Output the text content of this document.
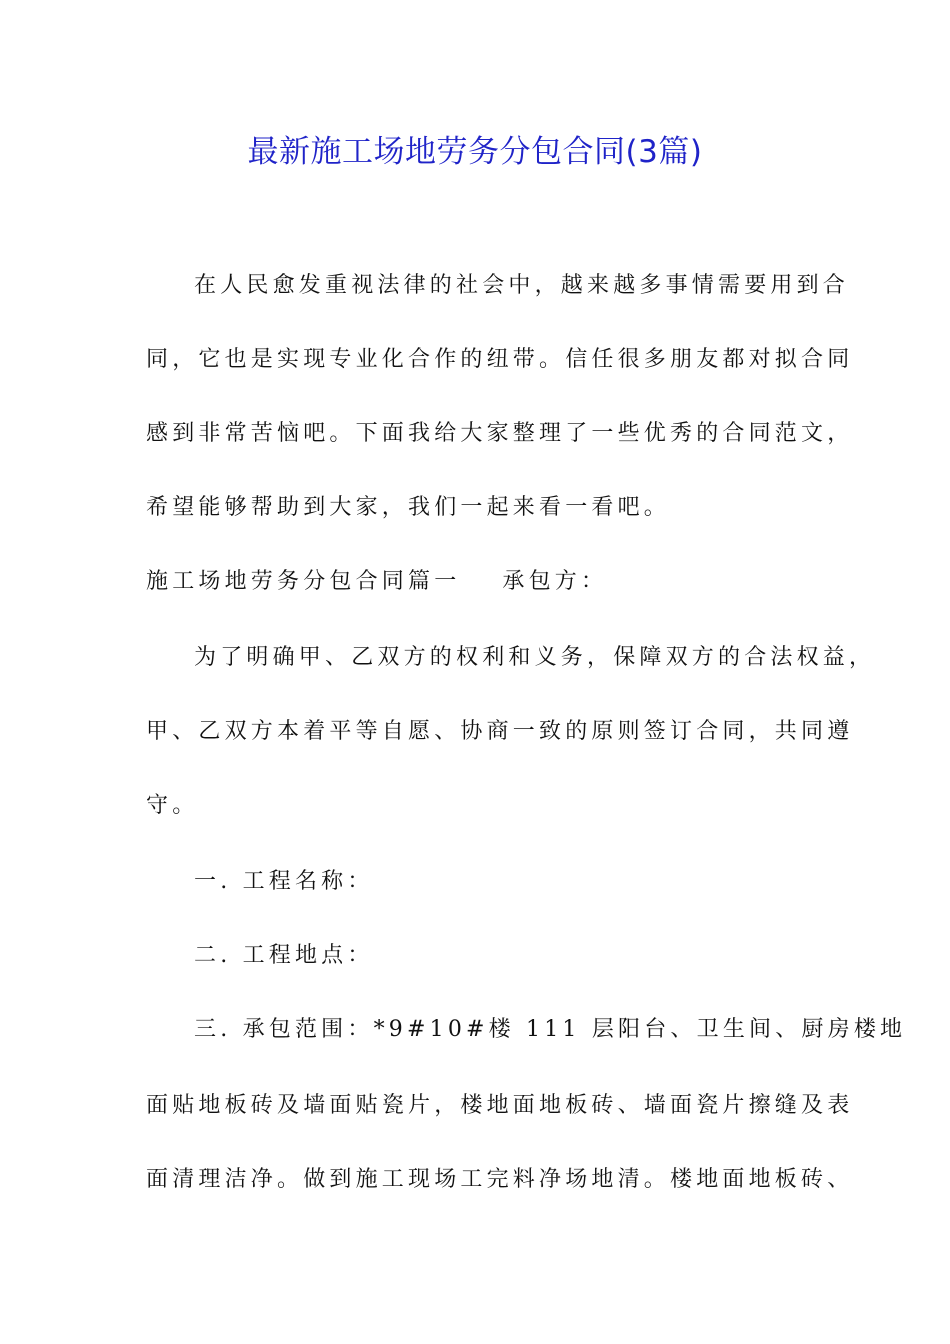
最新施工场地劳务分包合同(3篇)
在人民愈发重视法律的社会中，越来越多事情需要用到合
同，它也是实现专业化合作的纽带。信任很多朋友都对拟合同
感到非常苦恼吧。下面我给大家整理了一些优秀的合同范文，
希望能够帮助到大家，我们一起来看一看吧。
施工场地劳务分包合同篇一 承包方：
为了明确甲、乙双方的权利和义务，保障双方的合法权益，
甲、乙双方本着平等自愿、协商一致的原则签订合同，共同遵
守。
一. 工程名称：
二. 工程地点：
三. 承包范围：*9#10#楼 111 层阳台、卫生间、厨房楼地
面贴地板砖及墙面贴瓷片，楼地面地板砖、墙面瓷片擦缝及表
面清理洁净。做到施工现场工完料净场地清。楼地面地板砖、
